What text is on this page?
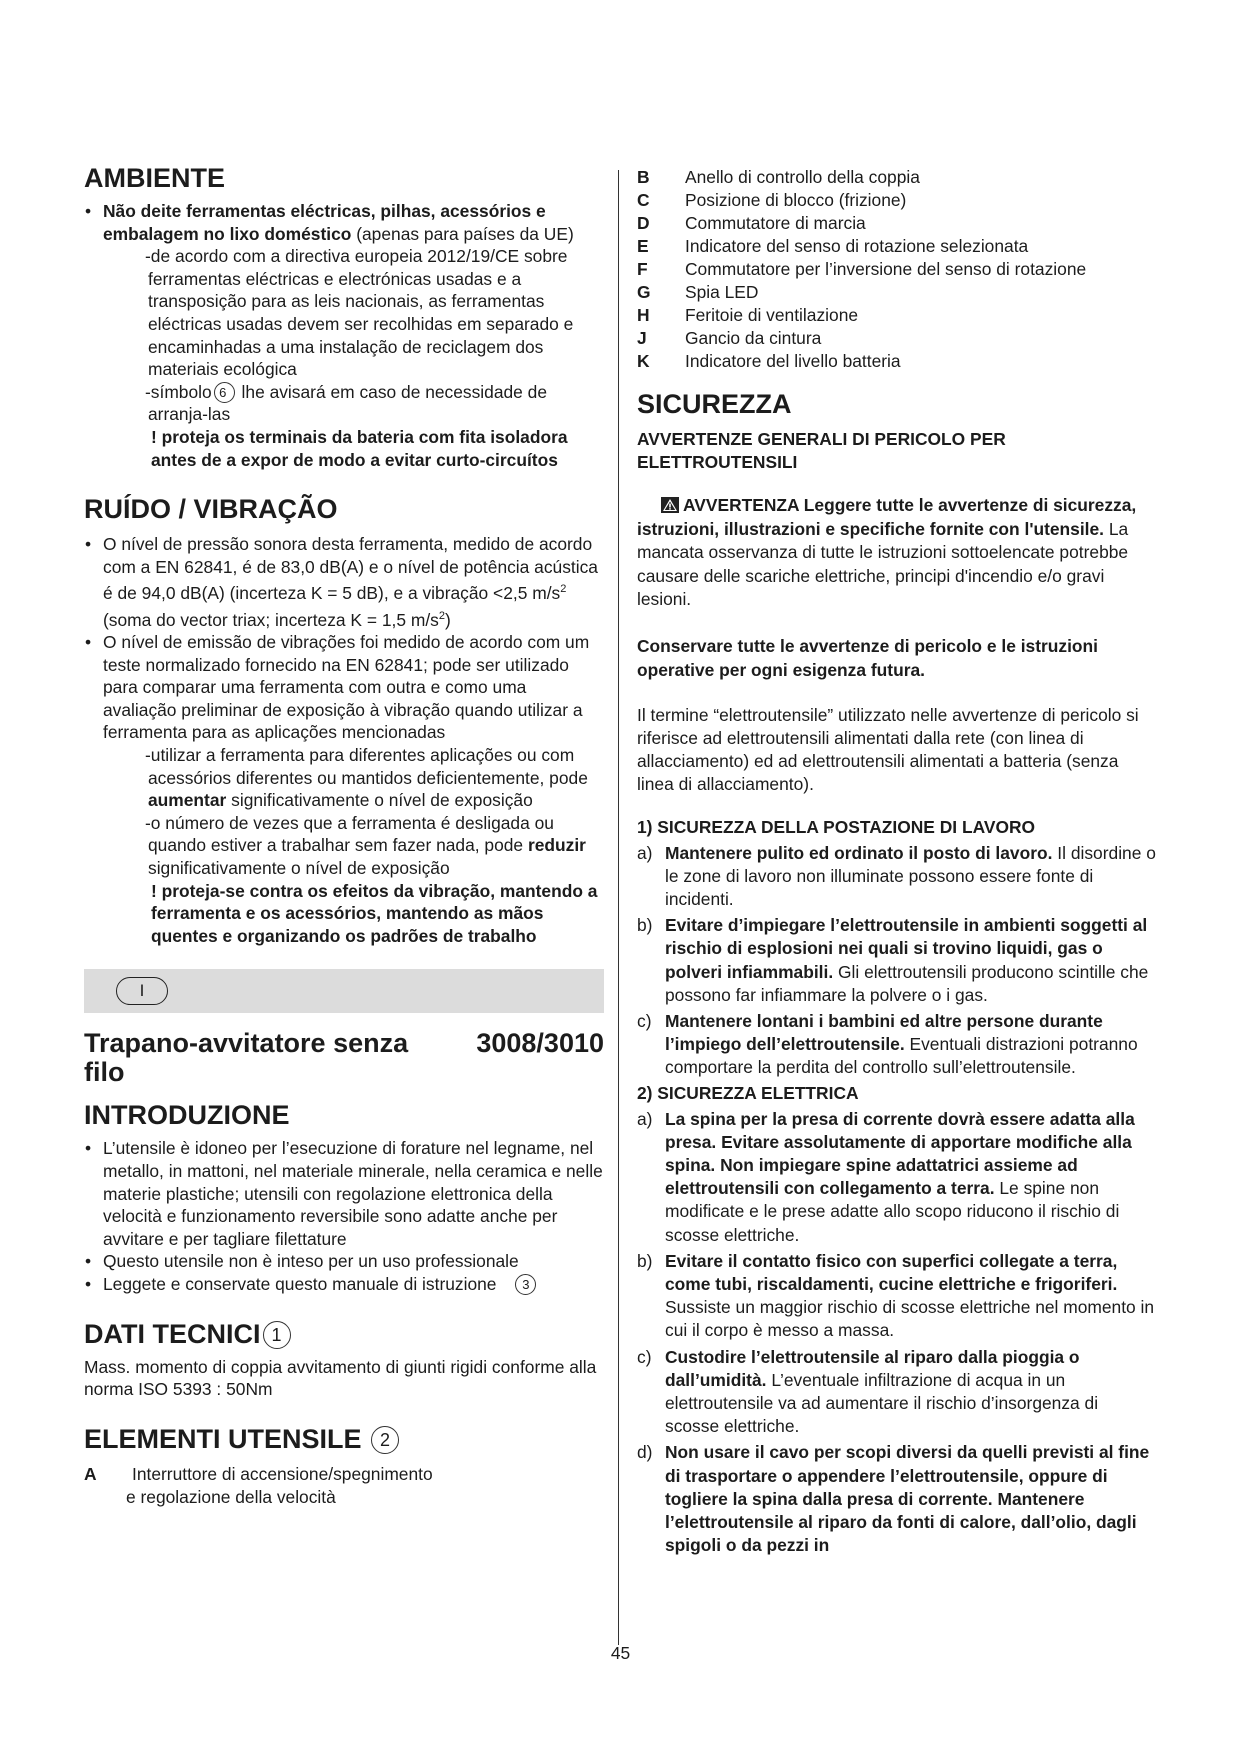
AMBIENTE
• Não deite ferramentas eléctricas, pilhas, acessórios e embalagem no lixo doméstico (apenas para países da UE)
-de acordo com a directiva europeia 2012/19/CE sobre ferramentas eléctricas e electrónicas usadas e a transposição para as leis nacionais, as ferramentas eléctricas usadas devem ser recolhidas em separado e encaminhadas a uma instalação de reciclagem dos materiais ecológica
-símbolo 6 lhe avisará em caso de necessidade de arranja-las
! proteja os terminais da bateria com fita isoladora antes de a expor de modo a evitar curto-circuítos
RUÍDO / VIBRAÇÃO
• O nível de pressão sonora desta ferramenta, medido de acordo com a EN 62841, é de 83,0 dB(A) e o nível de potência acústica é de 94,0 dB(A) (incerteza K = 5 dB), e a vibração <2,5 $m/s^2$ (soma do vector triax; incerteza K = 1,5 $m/s^2$)
• O nível de emissão de vibrações foi medido de acordo com um teste normalizado fornecido na EN 62841; pode ser utilizado para comparar uma ferramenta com outra e como uma avaliação preliminar de exposição à vibração quando utilizar a ferramenta para as aplicações mencionadas
-utilizar a ferramenta para diferentes aplicações ou com acessórios diferentes ou mantidos deficientemente, pode aumentar significativamente o nível de exposição
-o número de vezes que a ferramenta é desligada ou quando estiver a trabalhar sem fazer nada, pode reduzir significativamente o nível de exposição
! proteja-se contra os efeitos da vibração, mantendo a ferramenta e os acessórios, mantendo as mãos quentes e organizando os padrões de trabalho
I
Trapano-avvitatore senza filo
3008/3010
INTRODUZIONE
• L’utensile è idoneo per l’esecuzione di forature nel legname, nel metallo, in mattoni, nel materiale minerale, nella ceramica e nelle materie plastiche; utensili con regolazione elettronica della velocità e funzionamento reversibile sono adatte anche per avvitare e per tagliare filettature
• Questo utensile non è inteso per un uso professionale
• Leggete e conservate questo manuale di istruzione 3
DATI TECNICI 1
Mass. momento di coppia avvitamento di giunti rigidi conforme alla norma ISO 5393 : 50Nm
ELEMENTI UTENSILE 2
A	Interruttore di accensione/spegnimento
e regolazione della velocità
B	Anello di controllo della coppia
C	Posizione di blocco (frizione)
D	Commutatore di marcia
E	Indicatore del senso di rotazione selezionata
F	Commutatore per l’inversione del senso di rotazione
G	Spia LED
H	Feritoie di ventilazione
J	Gancio da cintura
K	Indicatore del livello batteria
SICUREZZA
AVVERTENZE GENERALI DI PERICOLO PER ELETTROUTENSILI
AVVERTENZA Leggere tutte le avvertenze di sicurezza, istruzioni, illustrazioni e specifiche fornite con l'utensile. La mancata osservanza di tutte le istruzioni sottoelencate potrebbe causare delle scariche elettriche, principi d'incendio e/o gravi lesioni.
Conservare tutte le avvertenze di pericolo e le istruzioni operative per ogni esigenza futura.
Il termine “elettroutensile” utilizzato nelle avvertenze di pericolo si riferisce ad elettroutensili alimentati dalla rete (con linea di allacciamento) ed ad elettroutensili alimentati a batteria (senza linea di allacciamento).
1) SICUREZZA DELLA POSTAZIONE DI LAVORO
a) Mantenere pulito ed ordinato il posto di lavoro. Il disordine o le zone di lavoro non illuminate possono essere fonte di incidenti.
b) Evitare d’impiegare l’elettroutensile in ambienti soggetti al rischio di esplosioni nei quali si trovino liquidi, gas o polveri infiammabili. Gli elettroutensili producono scintille che possono far infiammare la polvere o i gas.
c) Mantenere lontani i bambini ed altre persone durante l’impiego dell’elettroutensile. Eventuali distrazioni potranno comportare la perdita del controllo sull’elettroutensile.
2) SICUREZZA ELETTRICA
a) La spina per la presa di corrente dovrà essere adatta alla presa. Evitare assolutamente di apportare modifiche alla spina. Non impiegare spine adattatrici assieme ad elettroutensili con collegamento a terra. Le spine non modificate e le prese adatte allo scopo riducono il rischio di scosse elettriche.
b) Evitare il contatto fisico con superfici collegate a terra, come tubi, riscaldamenti, cucine elettriche e frigoriferi. Sussiste un maggior rischio di scosse elettriche nel momento in cui il corpo è messo a massa.
c) Custodire l’elettroutensile al riparo dalla pioggia o dall’umidità. L’eventuale infiltrazione di acqua in un elettroutensile va ad aumentare il rischio d’insorgenza di scosse elettriche.
d) Non usare il cavo per scopi diversi da quelli previsti al fine di trasportare o appendere l’elettroutensile, oppure di togliere la spina dalla presa di corrente. Mantenere l’elettroutensile al riparo da fonti di calore, dall’olio, dagli spigoli o da pezzi in
45
